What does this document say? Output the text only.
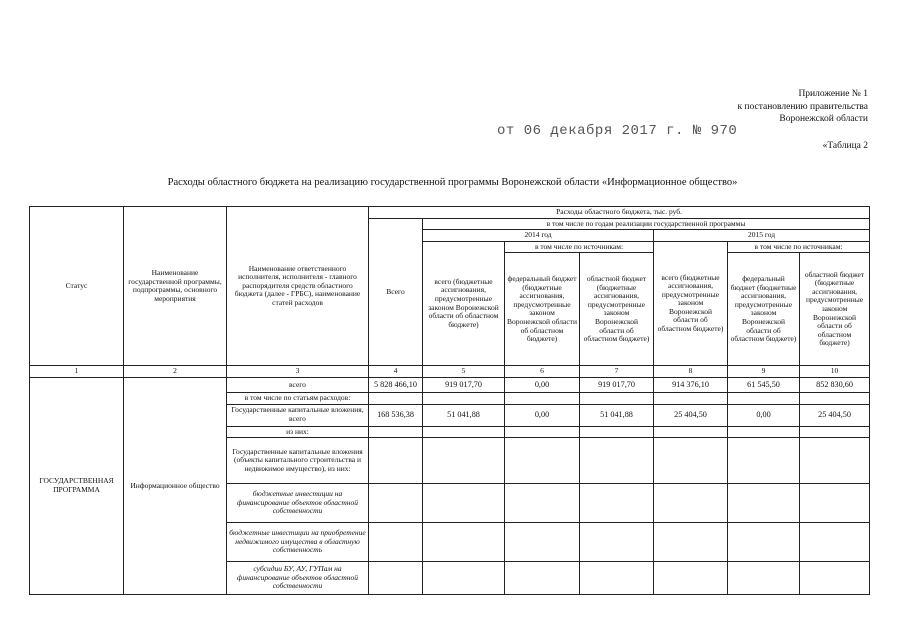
Приложение № 1
к постановлению правительства
Воронежской области
от 06 декабря 2017 г. № 970
«Таблица 2
Расходы областного бюджета на реализацию государственной программы Воронежской области «Информационное общество»
Статус	Наименование государственной программы, подпрограммы, основного мероприятия	Наименование ответственного исполнителя, исполнителя - главного распорядителя средств областного бюджета (далее - ГРБС), наименование статей расходов	Расходы областного бюджета, тыс. руб.						
			Всего	в том числе по годам реализации государственной программы					
				2014 год			2015 год		
				всего (бюджетные ассигнования, предусмотренные законом Воронежской области об областном бюджете)	в том числе по источникам:		всего (бюджетные ассигнования, предусмотренные законом Воронежской области об областном бюджете)	в том числе по источникам:	
					федеральный бюджет (бюджетные ассигнования, предусмотренные законом Воронежской области об областном бюджете)	областной бюджет (бюджетные ассигнования, предусмотренные законом Воронежской области об областном бюджете)		федеральный бюджет (бюджетные ассигнования, предусмотренные законом Воронежской области об областном бюджете)	областной бюджет (бюджетные ассигнования, предусмотренные законом Воронежской области об областном бюджете)
1	2	3	4	5	6	7	8	9	10
ГОСУДАРСТВЕННАЯ ПРОГРАММА	Информационное общество	всего	5 828 466,10	919 017,70	0,00	919 017,70	914 376,10	61 545,50	852 830,60
		в том числе по статьям расходов:							
		Государственные капитальные вложения, всего	168 536,38	51 041,88	0,00	51 041,88	25 404,50	0,00	25 404,50
		из них:							
		Государственные капитальные вложения (объекты капитального строительства и недвижимое имущество), из них:							
		бюджетные инвестиции на финансирование объектов областной собственности							
		бюджетные инвестиции на приобретение недвижимого имущества в областную собственность							
		субсидии БУ, АУ, ГУПам на финансирование объектов областной собственности							
